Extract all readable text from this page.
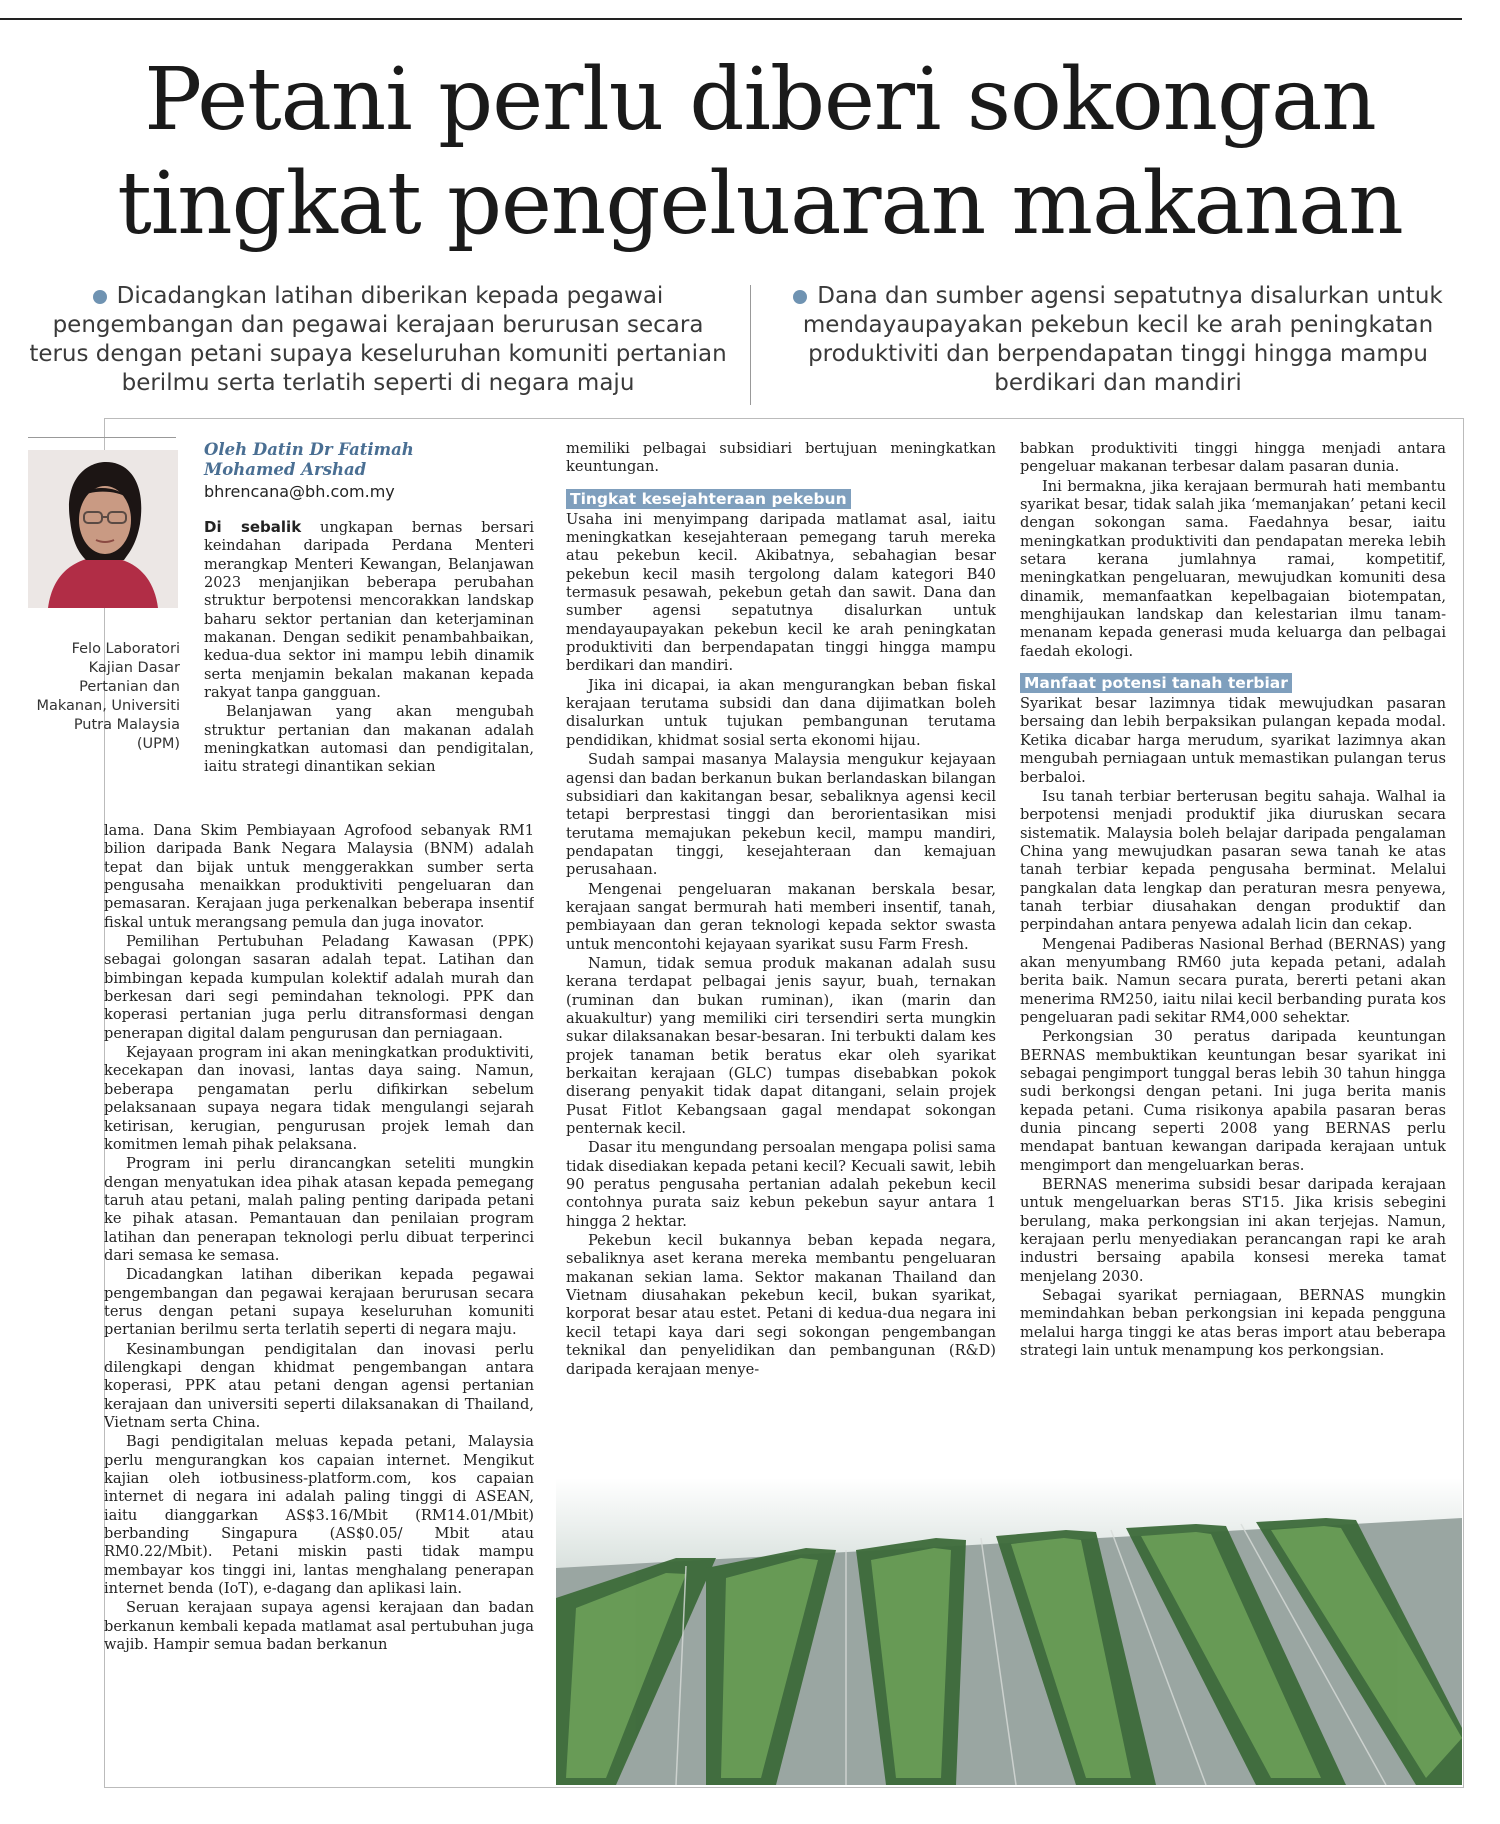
Petani perlu diberi sokongan
tingkat pengeluaran makanan
Dicadangkan latihan diberikan kepada pegawai pengembangan dan pegawai kerajaan berurusan secara terus dengan petani supaya keseluruhan komuniti pertanian berilmu serta terlatih seperti di negara maju
Dana dan sumber agensi sepatutnya disalurkan untuk mendayaupayakan pekebun kecil ke arah peningkatan produktiviti dan berpendapatan tinggi hingga mampu berdikari dan mandiri
Felo Laboratori Kajian Dasar Pertanian dan Makanan, Universiti Putra Malaysia (UPM)
Oleh Datin Dr Fatimah
Mohamed Arshad
bhrencana@bh.com.my

Di sebalik ungkapan bernas bersari keindahan daripada Perdana Menteri merangkap Menteri Kewangan, Belanjawan 2023 menjanjikan beberapa perubahan struktur berpotensi mencorakkan landskap baharu sektor pertanian dan keterjaminan makanan. Dengan sedikit penambahbaikan, kedua-dua sektor ini mampu lebih dinamik serta menjamin bekalan makanan kepada rakyat tanpa gangguan.

Belanjawan yang akan mengubah struktur pertanian dan makanan adalah meningkatkan automasi dan pendigitalan, iaitu strategi dinantikan sekian

lama. Dana Skim Pembiayaan Agrofood sebanyak RM1 bilion daripada Bank Negara Malaysia (BNM) adalah tepat dan bijak untuk menggerakkan sumber serta pengusaha menaikkan produktiviti pengeluaran dan pemasaran. Kerajaan juga perkenalkan beberapa insentif fiskal untuk merangsang pemula dan juga inovator.

Pemilihan Pertubuhan Peladang Kawasan (PPK) sebagai golongan sasaran adalah tepat. Latihan dan bimbingan kepada kumpulan kolektif adalah murah dan berkesan dari segi pemindahan teknologi. PPK dan koperasi pertanian juga perlu ditransformasi dengan penerapan digital dalam pengurusan dan perniagaan.

Kejayaan program ini akan meningkatkan produktiviti, kecekapan dan inovasi, lantas daya saing. Namun, beberapa pengamatan perlu difikirkan sebelum pelaksanaan supaya negara tidak mengulangi sejarah ketirisan, kerugian, pengurusan projek lemah dan komitmen lemah pihak pelaksana.

Program ini perlu dirancangkan seteliti mungkin dengan menyatukan idea pihak atasan kepada pemegang taruh atau petani, malah paling penting daripada petani ke pihak atasan. Pemantauan dan penilaian program latihan dan penerapan teknologi perlu dibuat terperinci dari semasa ke semasa.

Dicadangkan latihan diberikan kepada pegawai pengembangan dan pegawai kerajaan berurusan secara terus dengan petani supaya keseluruhan komuniti pertanian berilmu serta terlatih seperti di negara maju.

Kesinambungan pendigitalan dan inovasi perlu dilengkapi dengan khidmat pengembangan antara koperasi, PPK atau petani dengan agensi pertanian kerajaan dan universiti seperti dilaksanakan di Thailand, Vietnam serta China.

Bagi pendigitalan meluas kepada petani, Malaysia perlu mengurangkan kos capaian internet. Mengikut kajian oleh iotbusiness-platform.com, kos capaian internet di negara ini adalah paling tinggi di ASEAN, iaitu dianggarkan AS$3.16/Mbit (RM14.01/Mbit) berbanding Singapura (AS$0.05/ Mbit atau RM0.22/Mbit). Petani miskin pasti tidak mampu membayar kos tinggi ini, lantas menghalang penerapan internet benda (IoT), e-dagang dan aplikasi lain.

Seruan kerajaan supaya agensi kerajaan dan badan berkanun kembali kepada matlamat asal pertubuhan juga wajib. Hampir semua badan berkanun

memiliki pelbagai subsidiari bertujuan meningkatkan keuntungan.

Tingkat kesejahteraan pekebun

Usaha ini menyimpang daripada matlamat asal, iaitu meningkatkan kesejahteraan pemegang taruh mereka atau pekebun kecil. Akibatnya, sebahagian besar pekebun kecil masih tergolong dalam kategori B40 termasuk pesawah, pekebun getah dan sawit. Dana dan sumber agensi sepatutnya disalurkan untuk mendayaupayakan pekebun kecil ke arah peningkatan produktiviti dan berpendapatan tinggi hingga mampu berdikari dan mandiri.

Jika ini dicapai, ia akan mengurangkan beban fiskal kerajaan terutama subsidi dan dana dijimatkan boleh disalurkan untuk tujukan pembangunan terutama pendidikan, khidmat sosial serta ekonomi hijau.

Sudah sampai masanya Malaysia mengukur kejayaan agensi dan badan berkanun bukan berlandaskan bilangan subsidiari dan kakitangan besar, sebaliknya agensi kecil tetapi berprestasi tinggi dan berorientasikan misi terutama memajukan pekebun kecil, mampu mandiri, pendapatan tinggi, kesejahteraan dan kemajuan perusahaan.

Mengenai pengeluaran makanan berskala besar, kerajaan sangat bermurah hati memberi insentif, tanah, pembiayaan dan geran teknologi kepada sektor swasta untuk mencontohi kejayaan syarikat susu Farm Fresh.

Namun, tidak semua produk makanan adalah susu kerana terdapat pelbagai jenis sayur, buah, ternakan (ruminan dan bukan ruminan), ikan (marin dan akuakultur) yang memiliki ciri tersendiri serta mungkin sukar dilaksanakan besar-besaran. Ini terbukti dalam kes projek tanaman betik beratus ekar oleh syarikat berkaitan kerajaan (GLC) tumpas disebabkan pokok diserang penyakit tidak dapat ditangani, selain projek Pusat Fitlot Kebangsaan gagal mendapat sokongan penternak kecil.

Dasar itu mengundang persoalan mengapa polisi sama tidak disediakan kepada petani kecil? Kecuali sawit, lebih 90 peratus pengusaha pertanian adalah pekebun kecil contohnya purata saiz kebun pekebun sayur antara 1 hingga 2 hektar.

Pekebun kecil bukannya beban kepada negara, sebaliknya aset kerana mereka membantu pengeluaran makanan sekian lama. Sektor makanan Thailand dan Vietnam diusahakan pekebun kecil, bukan syarikat, korporat besar atau estet. Petani di kedua-dua negara ini kecil tetapi kaya dari segi sokongan pengembangan teknikal dan penyelidikan dan pembangunan (R&D) daripada kerajaan menye-

babkan produktiviti tinggi hingga menjadi antara pengeluar makanan terbesar dalam pasaran dunia.

Ini bermakna, jika kerajaan bermurah hati membantu syarikat besar, tidak salah jika ‘memanjakan’ petani kecil dengan sokongan sama. Faedahnya besar, iaitu meningkatkan produktiviti dan pendapatan mereka lebih setara kerana jumlahnya ramai, kompetitif, meningkatkan pengeluaran, mewujudkan komuniti desa dinamik, memanfaatkan kepelbagaian biotempatan, menghijaukan landskap dan kelestarian ilmu tanam-menanam kepada generasi muda keluarga dan pelbagai faedah ekologi.

Manfaat potensi tanah terbiar

Syarikat besar lazimnya tidak mewujudkan pasaran bersaing dan lebih berpaksikan pulangan kepada modal. Ketika dicabar harga merudum, syarikat lazimnya akan mengubah perniagaan untuk memastikan pulangan terus berbaloi.

Isu tanah terbiar berterusan begitu sahaja. Walhal ia berpotensi menjadi produktif jika diuruskan secara sistematik. Malaysia boleh belajar daripada pengalaman China yang mewujudkan pasaran sewa tanah ke atas tanah terbiar kepada pengusaha berminat. Melalui pangkalan data lengkap dan peraturan mesra penyewa, tanah terbiar diusahakan dengan produktif dan perpindahan antara penyewa adalah licin dan cekap.

Mengenai Padiberas Nasional Berhad (BERNAS) yang akan menyumbang RM60 juta kepada petani, adalah berita baik. Namun secara purata, bererti petani akan menerima RM250, iaitu nilai kecil berbanding purata kos pengeluaran padi sekitar RM4,000 sehektar.

Perkongsian 30 peratus daripada keuntungan BERNAS membuktikan keuntungan besar syarikat ini sebagai pengimport tunggal beras lebih 30 tahun hingga sudi berkongsi dengan petani. Ini juga berita manis kepada petani. Cuma risikonya apabila pasaran beras dunia pincang seperti 2008 yang BERNAS perlu mendapat bantuan kewangan daripada kerajaan untuk mengimport dan mengeluarkan beras.

BERNAS menerima subsidi besar daripada kerajaan untuk mengeluarkan beras ST15. Jika krisis sebegini berulang, maka perkongsian ini akan terjejas. Namun, kerajaan perlu menyediakan perancangan rapi ke arah industri bersaing apabila konsesi mereka tamat menjelang 2030.

Sebagai syarikat perniagaan, BERNAS mungkin memindahkan beban perkongsian ini kepada pengguna melalui harga tinggi ke atas beras import atau beberapa strategi lain untuk menampung kos perkongsian.
